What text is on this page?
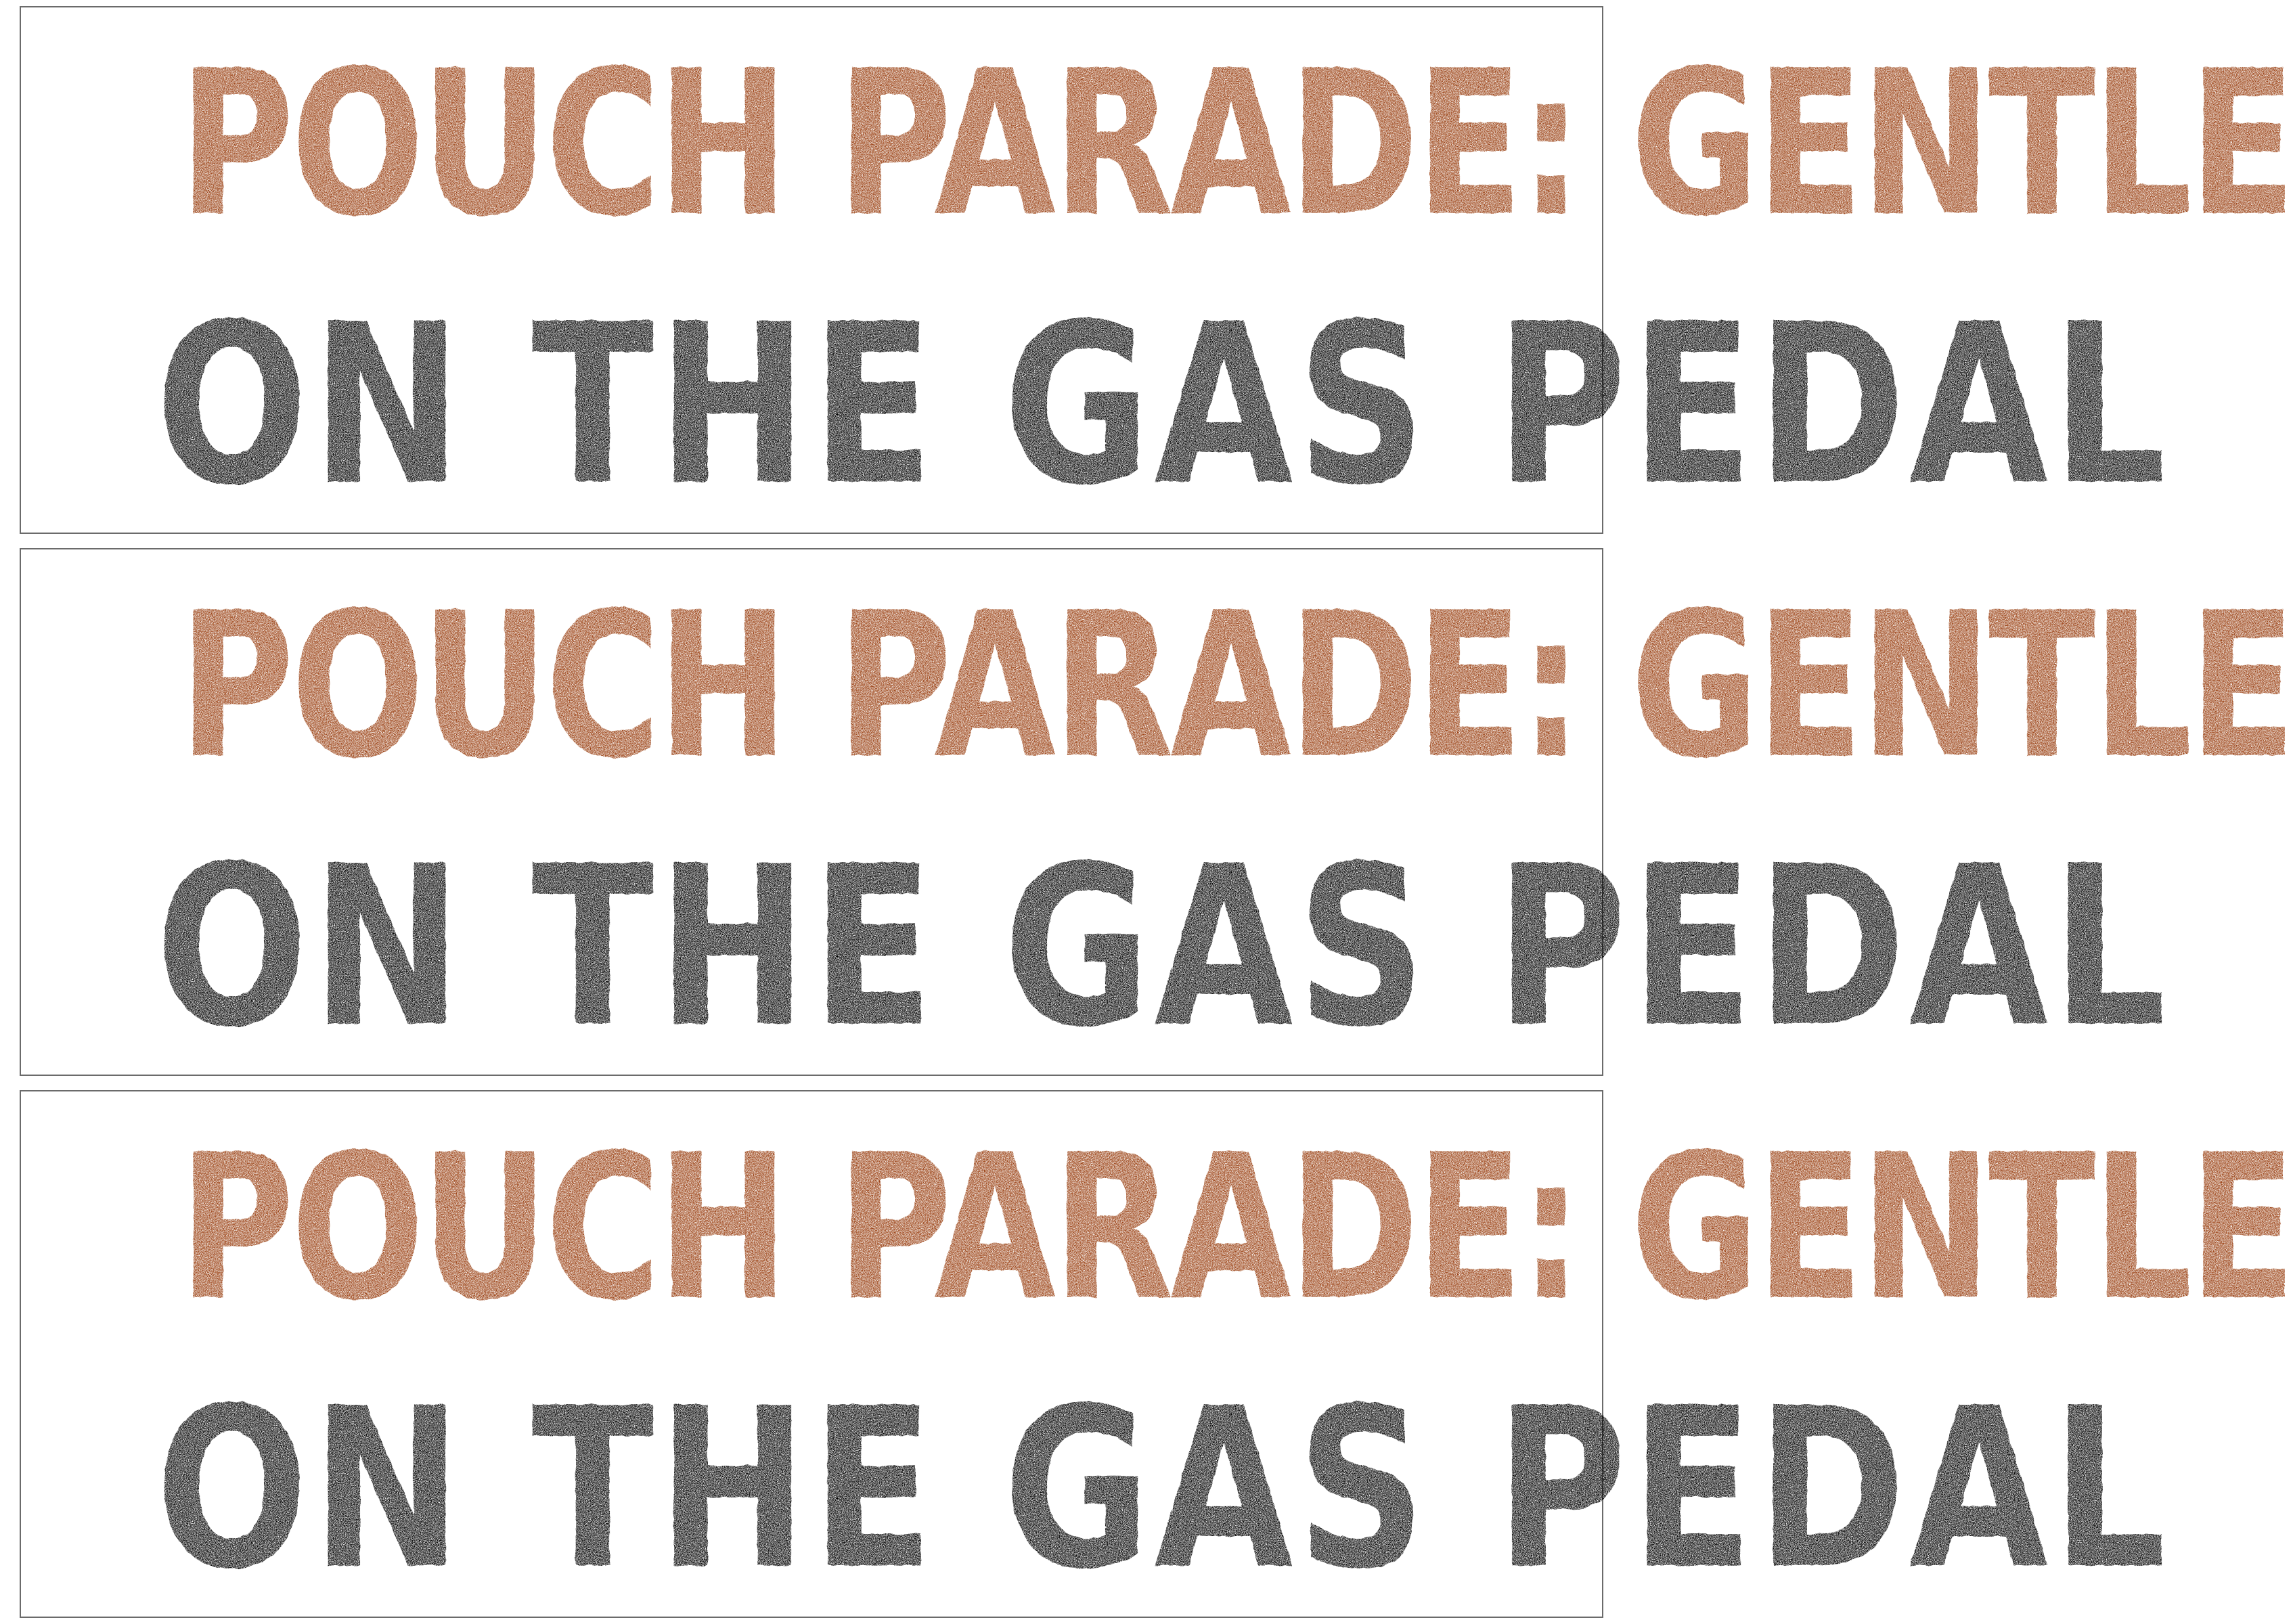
POUCH PARADE: GENTLE
ON THE GAS PEDAL
POUCH PARADE: GENTLE
ON THE GAS PEDAL
POUCH PARADE: GENTLE
ON THE GAS PEDAL
